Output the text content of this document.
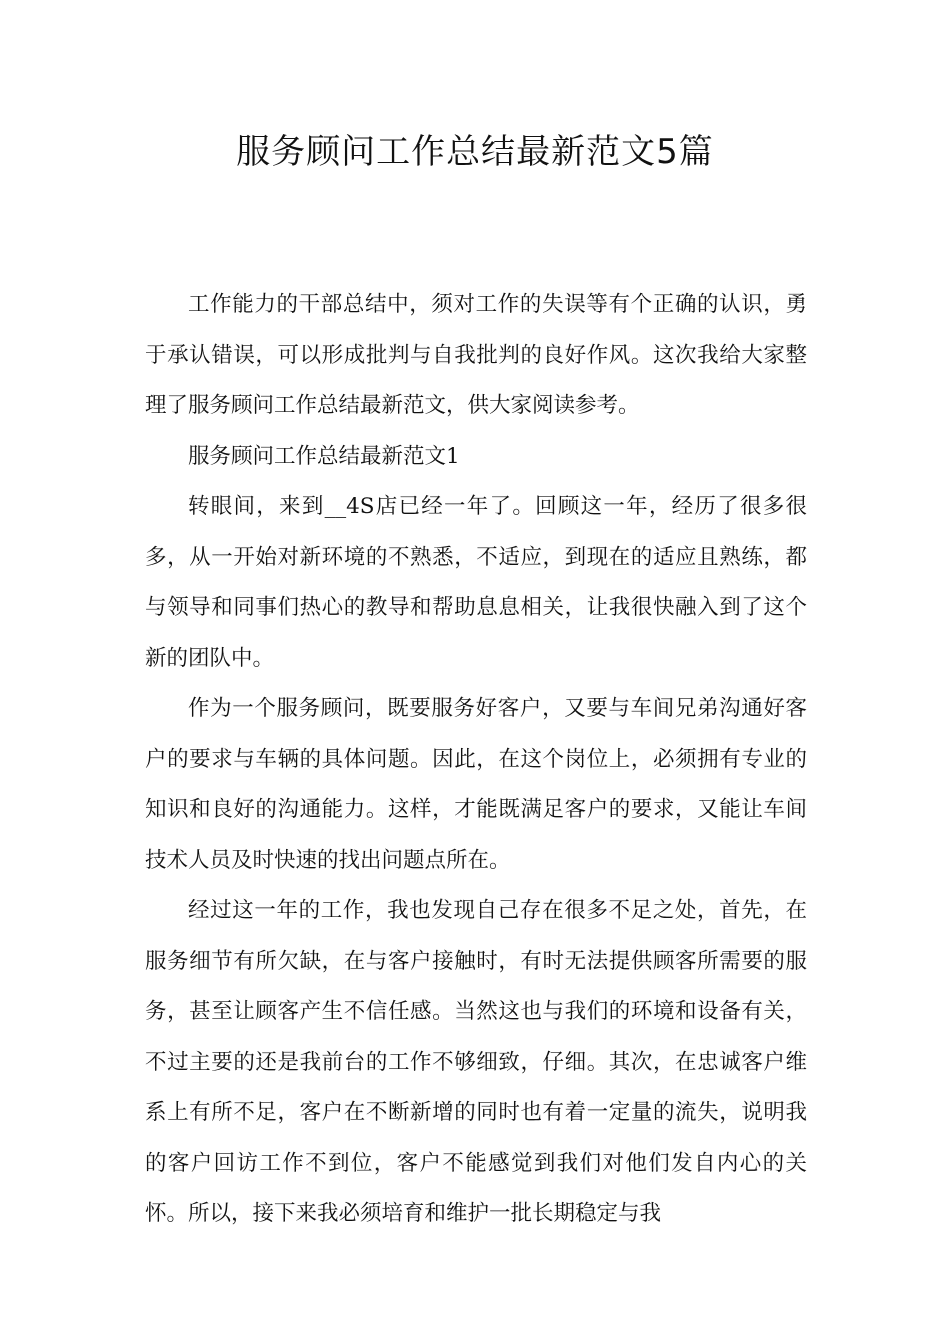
服务顾问工作总结最新范文5篇

工作能力的干部总结中，须对工作的失误等有个正确的认识，勇于承认错误，可以形成批判与自我批判的良好作风。这次我给大家整理了服务顾问工作总结最新范文，供大家阅读参考。

服务顾问工作总结最新范文1

转眼间，来到__4S店已经一年了。回顾这一年，经历了很多很多，从一开始对新环境的不熟悉，不适应，到现在的适应且熟练，都与领导和同事们热心的教导和帮助息息相关，让我很快融入到了这个新的团队中。

作为一个服务顾问，既要服务好客户，又要与车间兄弟沟通好客户的要求与车辆的具体问题。因此，在这个岗位上，必须拥有专业的知识和良好的沟通能力。这样，才能既满足客户的要求，又能让车间技术人员及时快速的找出问题点所在。

经过这一年的工作，我也发现自己存在很多不足之处，首先，在服务细节有所欠缺，在与客户接触时，有时无法提供顾客所需要的服务，甚至让顾客产生不信任感。当然这也与我们的环境和设备有关，不过主要的还是我前台的工作不够细致，仔细。其次，在忠诚客户维系上有所不足，客户在不断新增的同时也有着一定量的流失，说明我的客户回访工作不到位，客户不能感觉到我们对他们发自内心的关怀。所以，接下来我必须培育和维护一批长期稳定与我
